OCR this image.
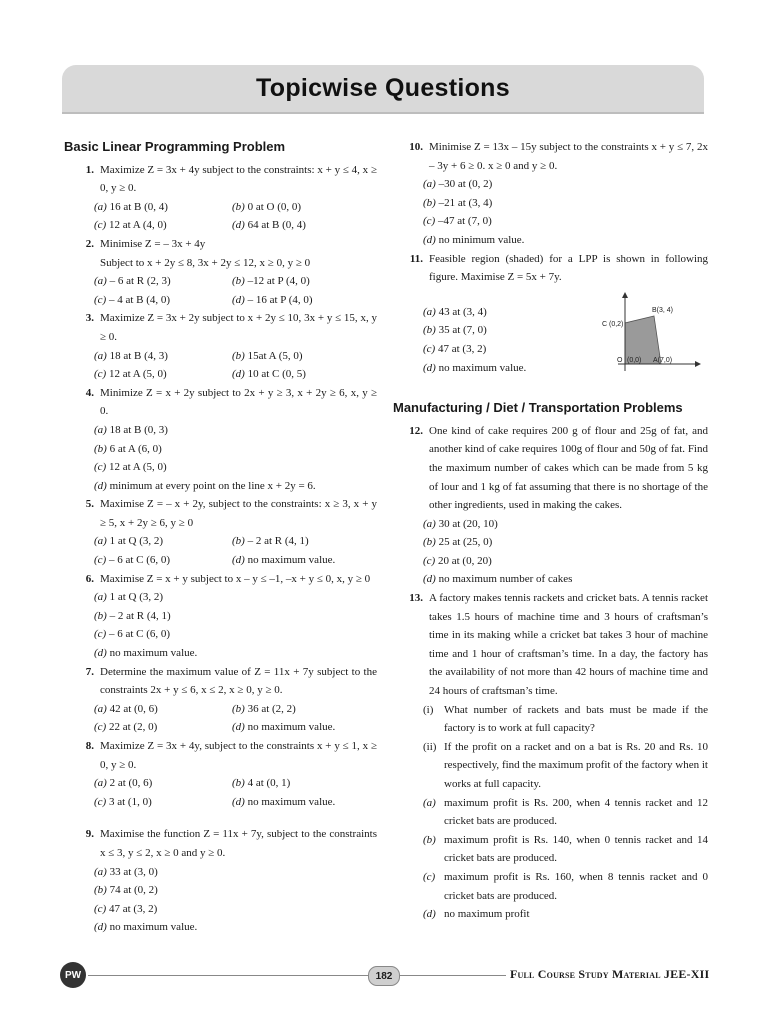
Topicwise Questions
Basic Linear Programming Problem
1. Maximize Z = 3x + 4y subject to the constraints: x + y ≤ 4, x ≥ 0, y ≥ 0.
(a) 16 at B (0, 4)	(b) 0 at O (0, 0)
(c) 12 at A (4, 0)	(d) 64 at B (0, 4)
2. Minimise Z = – 3x + 4y
Subject to x + 2y ≤ 8, 3x + 2y ≤ 12, x ≥ 0, y ≥ 0
(a) – 6 at R (2, 3)	(b) –12 at P (4, 0)
(c) – 4 at B (4, 0)	(d) – 16 at P (4, 0)
3. Maximize Z = 3x + 2y subject to x + 2y ≤ 10, 3x + y ≤ 15, x, y ≥ 0.
(a) 18 at B (4, 3)	(b) 15at A (5, 0)
(c) 12 at A (5, 0)	(d) 10 at C (0, 5)
4. Minimize Z = x + 2y subject to 2x + y ≥ 3, x + 2y ≥ 6, x, y ≥ 0.
(a) 18 at B (0, 3)
(b) 6 at A (6, 0)
(c) 12 at A (5, 0)
(d) minimum at every point on the line x + 2y = 6.
5. Maximise Z = – x + 2y, subject to the constraints: x ≥ 3, x + y ≥ 5, x + 2y ≥ 6, y ≥ 0
(a) 1 at Q (3, 2)	(b) – 2 at R (4, 1)
(c) – 6 at C (6, 0)	(d) no maximum value.
6. Maximise Z = x + y subject to x – y ≤ –1, –x + y ≤ 0, x, y ≥ 0
(a) 1 at Q (3, 2)
(b) – 2 at R (4, 1)
(c) – 6 at C (6, 0)
(d) no maximum value.
7. Determine the maximum value of Z = 11x + 7y subject to the constraints 2x + y ≤ 6, x ≤ 2, x ≥ 0, y ≥ 0.
(a) 42 at (0, 6)	(b) 36 at (2, 2)
(c) 22 at (2, 0)	(d) no maximum value.
8. Maximize Z = 3x + 4y, subject to the constraints x + y ≤ 1, x ≥ 0, y ≥ 0.
(a) 2 at (0, 6)	(b) 4 at (0, 1)
(c) 3 at (1, 0)	(d) no maximum value.
9. Maximise the function Z = 11x + 7y, subject to the constraints x ≤ 3, y ≤ 2, x ≥ 0 and y ≥ 0.
(a) 33 at (3, 0)
(b) 74 at (0, 2)
(c) 47 at (3, 2)
(d) no maximum value.
10. Minimise Z = 13x – 15y subject to the constraints x + y ≤ 7, 2x – 3y + 6 ≥ 0. x ≥ 0 and y ≥ 0.
(a) –30 at (0, 2)
(b) –21 at (3, 4)
(c) –47 at (7, 0)
(d) no minimum value.
11. Feasible region (shaded) for a LPP is shown in following figure. Maximise Z = 5x + 7y.
(a) 43 at (3, 4)
(b) 35 at (7, 0)
(c) 47 at (3, 2)
(d) no maximum value.
B(3, 4)
C (0,2)
O (0,0) A(7,0)
Manufacturing / Diet / Transportation Problems
12. One kind of cake requires 200 g of flour and 25g of fat, and another kind of cake requires 100g of flour and 50g of fat. Find the maximum number of cakes which can be made from 5 kg of lour and 1 kg of fat assuming that there is no shortage of the other ingredients, used in making the cakes.
(a) 30 at (20, 10)
(b) 25 at (25, 0)
(c) 20 at (0, 20)
(d) no maximum number of cakes
13. A factory makes tennis rackets and cricket bats. A tennis racket takes 1.5 hours of machine time and 3 hours of craftsman’s time in its making while a cricket bat takes 3 hour of machine time and 1 hour of craftsman’s time. In a day, the factory has the availability of not more than 42 hours of machine time and 24 hours of craftsman’s time.
(i) What number of rackets and bats must be made if the factory is to work at full capacity?
(ii) If the profit on a racket and on a bat is Rs. 20 and Rs. 10 respectively, find the maximum profit of the factory when it works at full capacity.
(a) maximum profit is Rs. 200, when 4 tennis racket and 12 cricket bats are produced.
(b) maximum profit is Rs. 140, when 0 tennis racket and 14 cricket bats are produced.
(c) maximum profit is Rs. 160, when 8 tennis racket and 0 cricket bats are produced.
(d) no maximum profit
PW	182	Full Course Study Material JEE-XII
